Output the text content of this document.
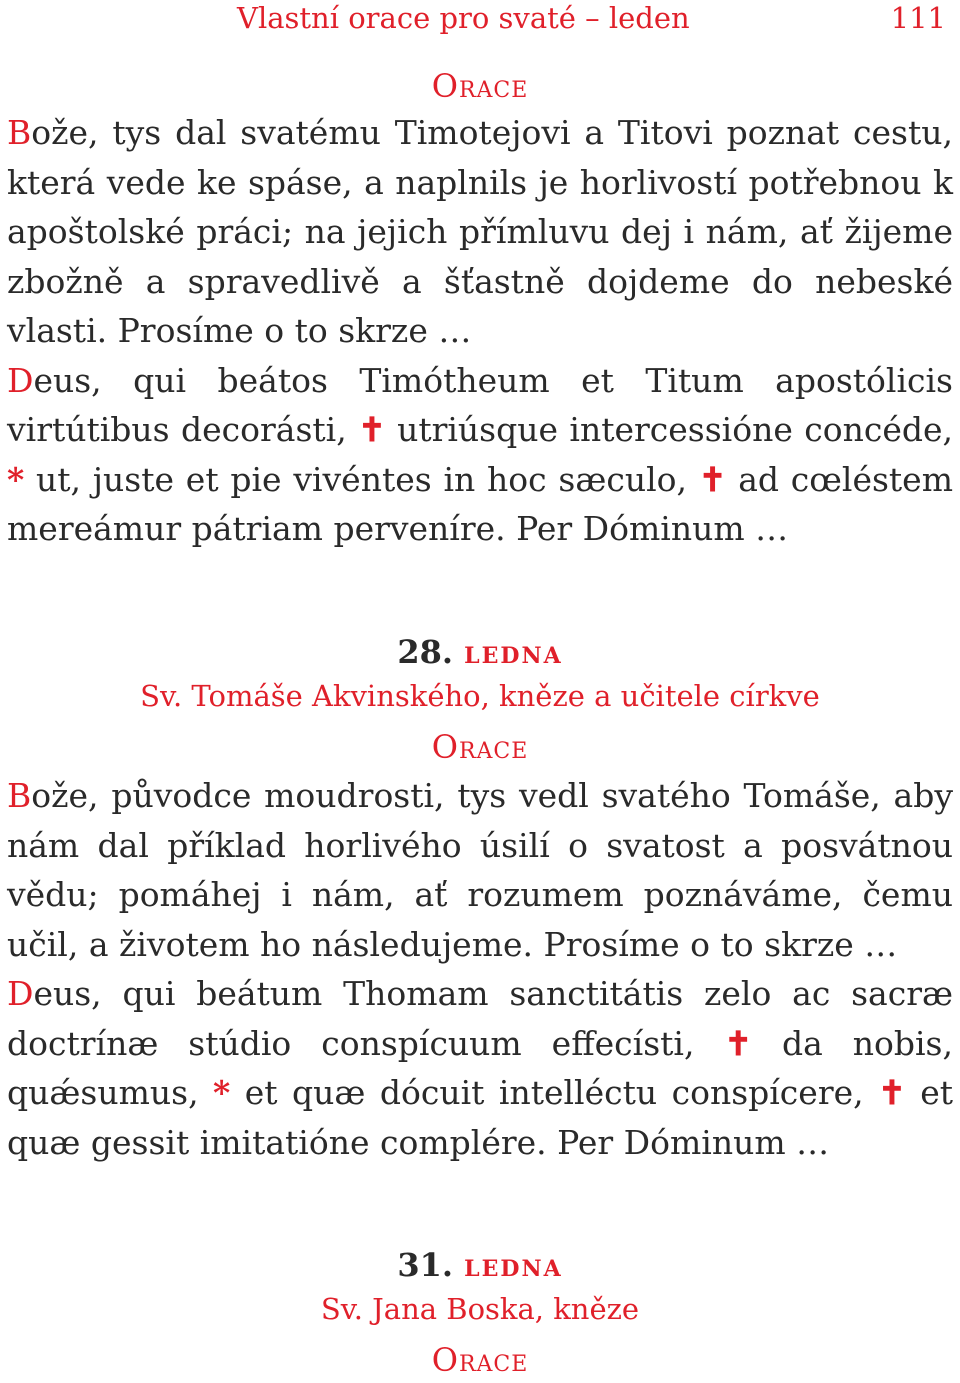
Vlastní orace pro svaté – leden	111
Orace
Bože, tys dal svatému Timotejovi a Titovi poznat cestu, která vede ke spáse, a naplnils je horlivostí potřebnou k apoštolské práci; na jejich přímluvu dej i nám, ať žijeme zbožně a spravedlivě a šťastně dojdeme do nebeské vlasti. Prosíme o to skrze …
Deus, qui beátos Timótheum et Titum apostólicis virtútibus decorásti, ✝ utriúsque intercessióne concéde, * ut, juste et pie vivéntes in hoc sæculo, ✝ ad cœléstem mereámur pátriam perveníre. Per Dóminum …
28. ledna
Sv. Tomáše Akvinského, kněze a učitele církve
Orace
Bože, původce moudrosti, tys vedl svatého Tomáše, aby nám dal příklad horlivého úsilí o svatost a posvátnou vědu; pomáhej i nám, ať rozumem poznáváme, čemu učil, a životem ho následujeme. Prosíme o to skrze …
Deus, qui beátum Thomam sanctitátis zelo ac sacræ doctrínæ stúdio conspícuum effecísti, ✝ da nobis, quǽsumus, * et quæ dócuit intelléctu conspícere, ✝ et quæ gessit imitatióne complére. Per Dóminum …
31. ledna
Sv. Jana Boska, kněze
Orace
